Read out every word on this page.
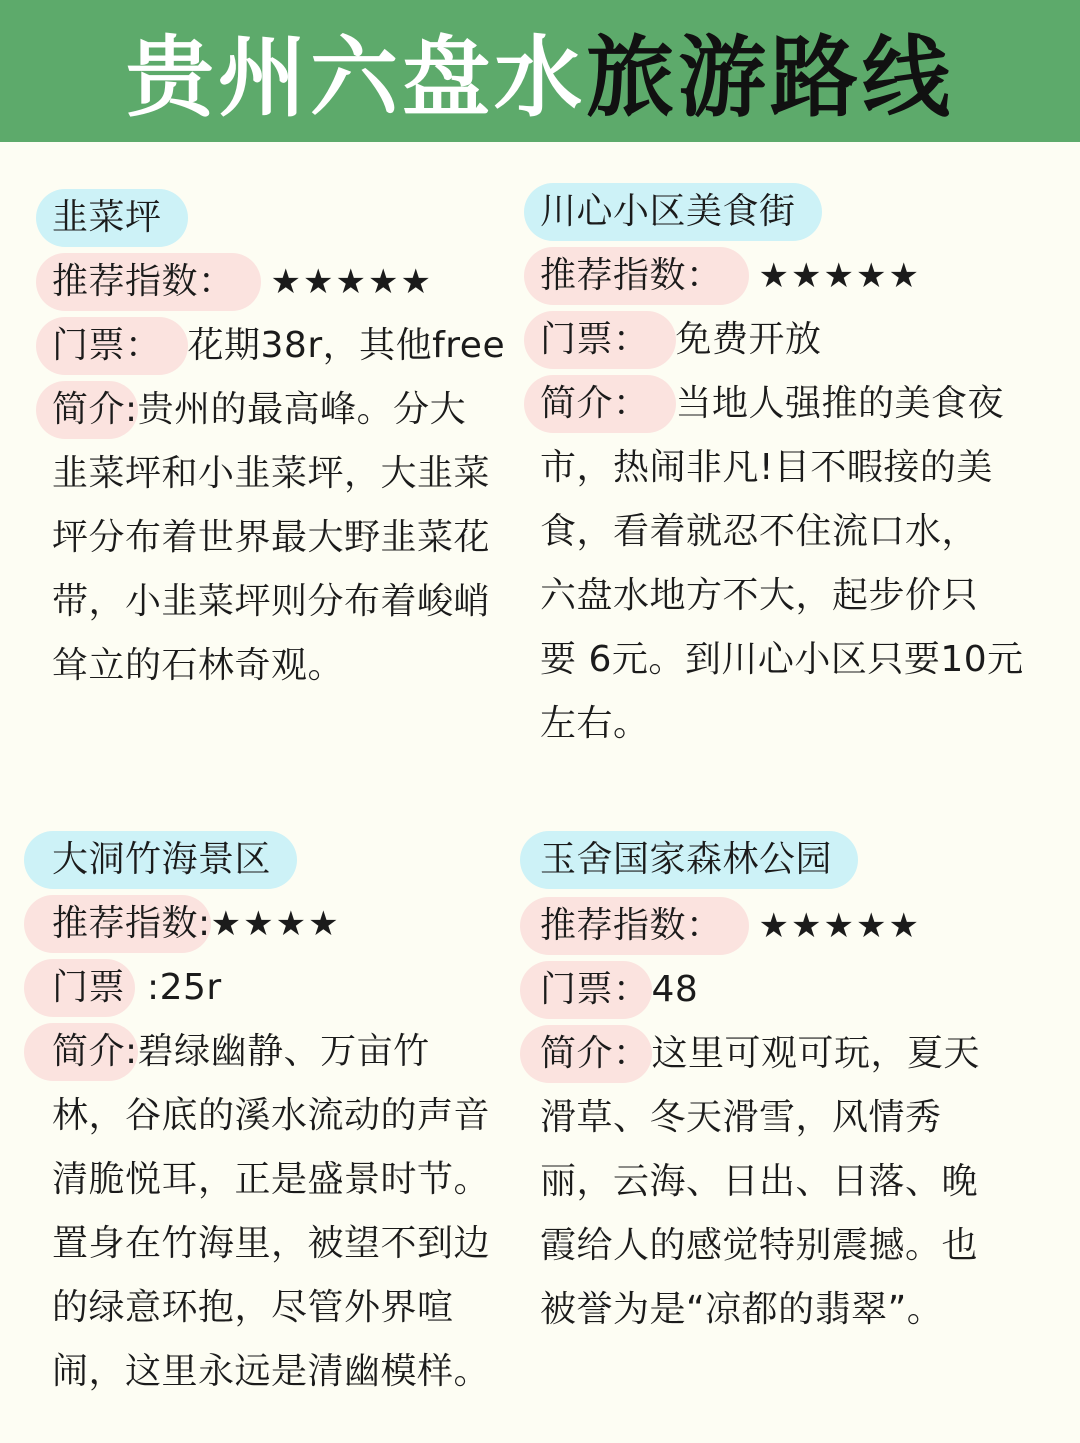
贵州六盘水 旅游路线
韭菜坪
推荐指数： ★★★★★
门票： 花期38r，其他free
简介:贵州的最高峰。分大
韭菜坪和小韭菜坪，大韭菜
坪分布着世界最大野韭菜花
带，小韭菜坪则分布着峻峭
耸立的石林奇观。
川心小区美食街
推荐指数： ★★★★★
门票： 免费开放
简介： 当地人强推的美食夜
市，热闹非凡!目不暇接的美
食，看着就忍不住流口水，
六盘水地方不大，起步价只
要 6元。到川心小区只要10元
左右。
大洞竹海景区
推荐指数:★★★★
门票 :25r
简介:碧绿幽静、万亩竹
林，谷底的溪水流动的声音
清脆悦耳，正是盛景时节。
置身在竹海里，被望不到边
的绿意环抱，尽管外界喧
闹，这里永远是清幽模样。
玉舍国家森林公园
推荐指数： ★★★★★
门票：48
简介：这里可观可玩，夏天
滑草、冬天滑雪，风情秀
丽，云海、日出、日落、晚
霞给人的感觉特别震撼。也
被誉为是“凉都的翡翠”。
